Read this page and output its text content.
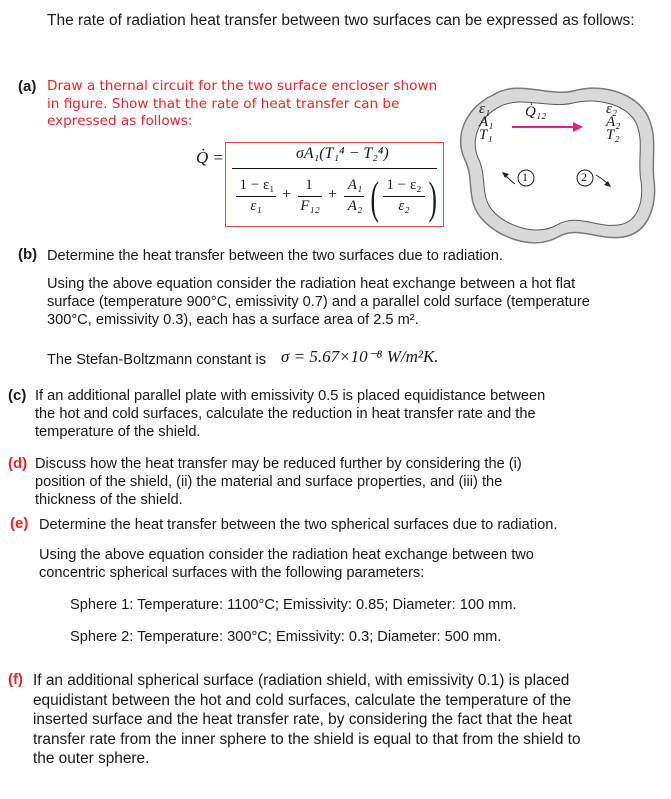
The rate of radiation heat transfer between two surfaces can be expressed as follows:
(a) Draw a thernal circuit for the two surface encloser shown
in figure. Show that the rate of heat transfer can be
expressed as follows:
Q̇ =	σA₁(T₁⁴ − T₂⁴)
1 − ε₁
ε₁
+
1
F₁₂
+
A₁
A₂ ( 1 − ε₂
ε₂ )
ε₁
A₁
T₁
ε₂
A₂
T₂
Q̇₁₂
1	2
(b) Determine the heat transfer between the two surfaces due to radiation.
Using the above equation consider the radiation heat exchange between a hot flat
surface (temperature 900°C, emissivity 0.7) and a parallel cold surface (temperature
300°C, emissivity 0.3), each has a surface area of 2.5 m².
The Stefan-Boltzmann constant is σ = 5.67×10⁻⁸ W/m²K.
(c) If an additional parallel plate with emissivity 0.5 is placed equidistance between
the hot and cold surfaces, calculate the reduction in heat transfer rate and the
temperature of the shield.
(d) Discuss how the heat transfer may be reduced further by considering the (i)
position of the shield, (ii) the material and surface properties, and (iii) the
thickness of the shield.
(e) Determine the heat transfer between the two spherical surfaces due to radiation.
Using the above equation consider the radiation heat exchange between two
concentric spherical surfaces with the following parameters:
Sphere 1: Temperature: 1100°C; Emissivity: 0.85; Diameter: 100 mm.
Sphere 2: Temperature: 300°C; Emissivity: 0.3; Diameter: 500 mm.
(f) If an additional spherical surface (radiation shield, with emissivity 0.1) is placed
equidistant between the hot and cold surfaces, calculate the temperature of the
inserted surface and the heat transfer rate, by considering the fact that the heat
transfer rate from the inner sphere to the shield is equal to that from the shield to
the outer sphere.
